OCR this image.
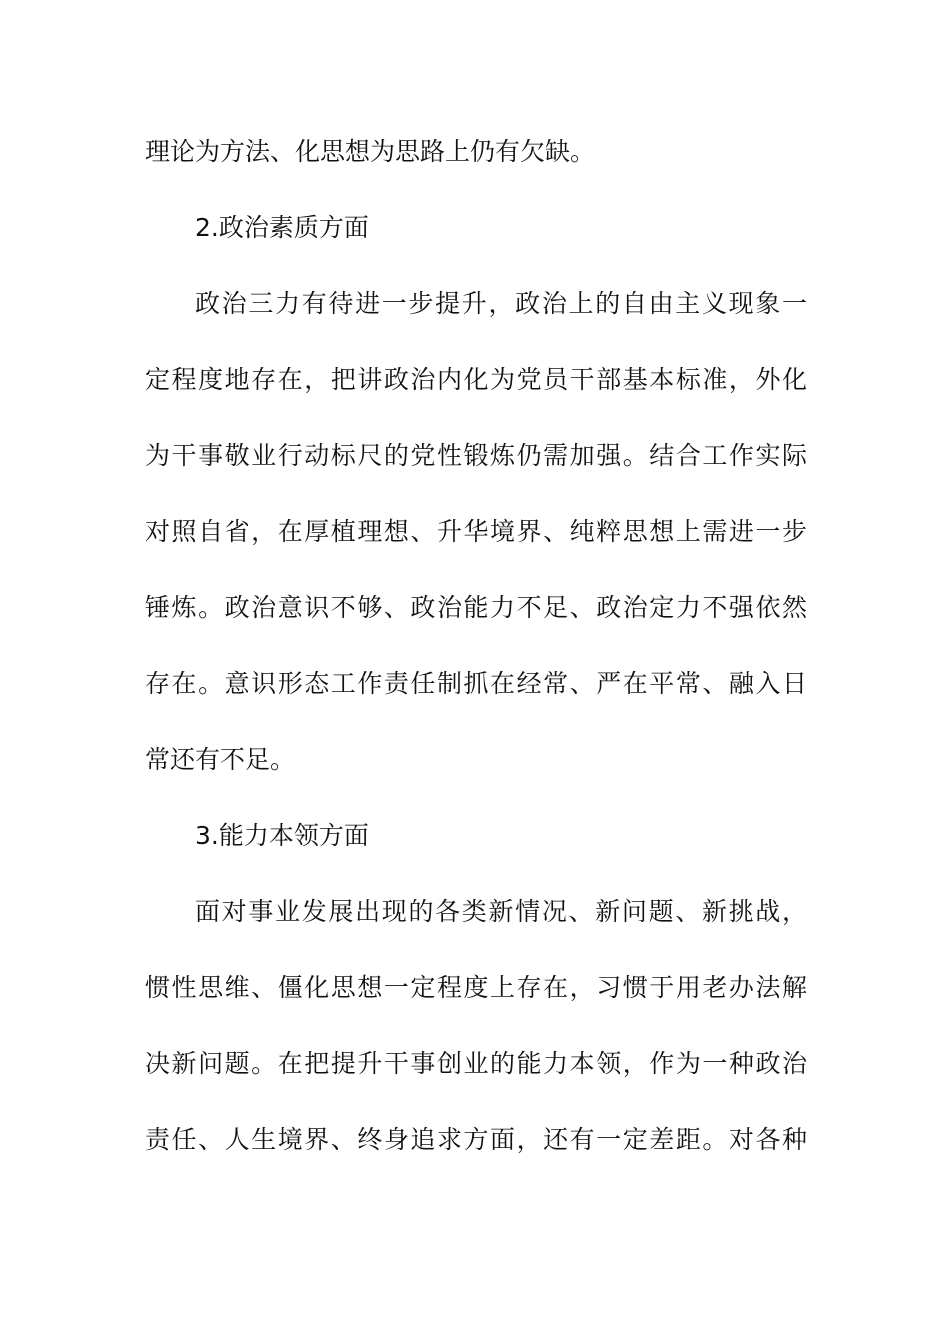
理论为方法、化思想为思路上仍有欠缺。
2.政治素质方面
政治三力有待进一步提升，政治上的自由主义现象一
定程度地存在，把讲政治内化为党员干部基本标准，外化
为干事敬业行动标尺的党性锻炼仍需加强。结合工作实际
对照自省，在厚植理想、升华境界、纯粹思想上需进一步
锤炼。政治意识不够、政治能力不足、政治定力不强依然
存在。意识形态工作责任制抓在经常、严在平常、融入日
常还有不足。
3.能力本领方面
面对事业发展出现的各类新情况、新问题、新挑战，
惯性思维、僵化思想一定程度上存在，习惯于用老办法解
决新问题。在把提升干事创业的能力本领，作为一种政治
责任、人生境界、终身追求方面，还有一定差距。对各种
